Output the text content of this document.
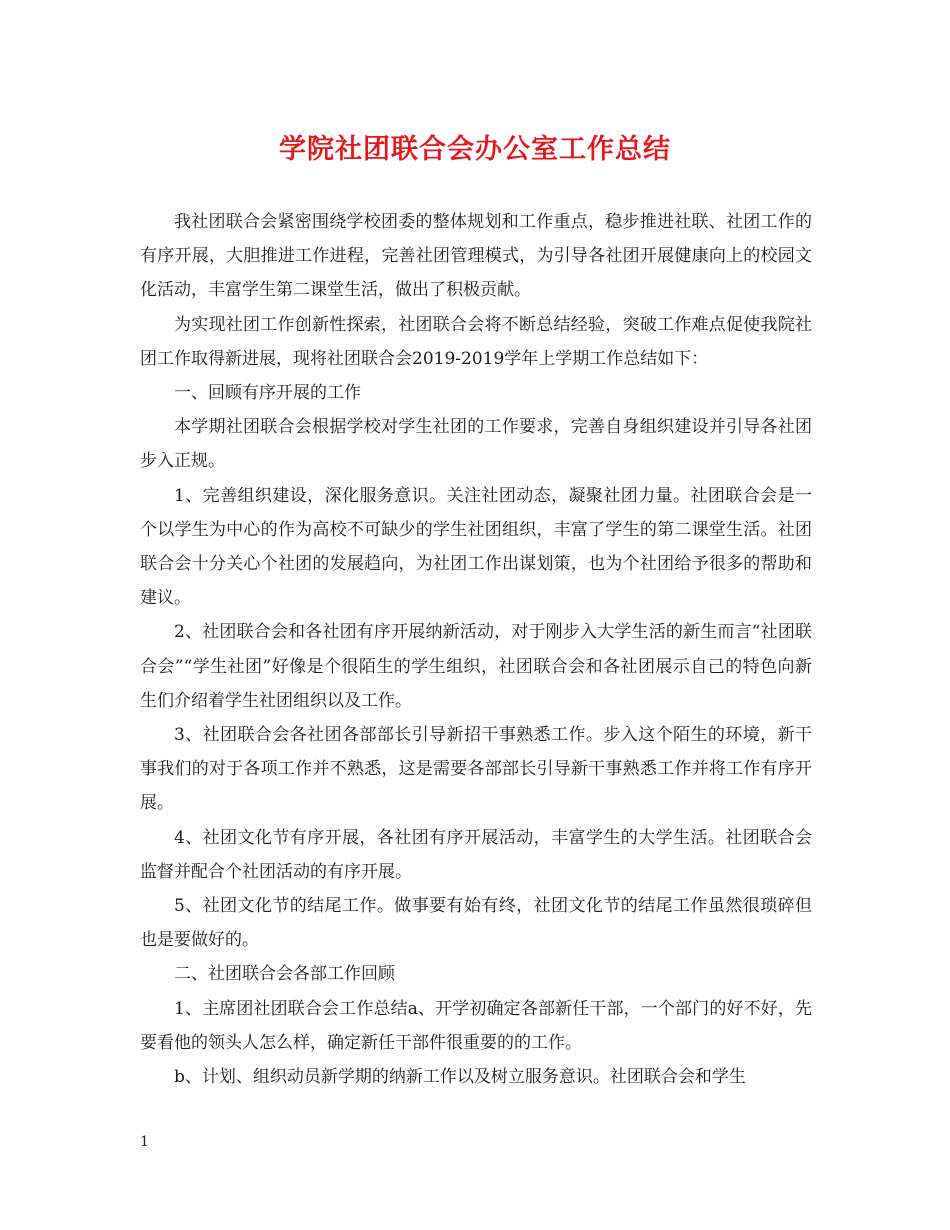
学院社团联合会办公室工作总结

我社团联合会紧密围绕学校团委的整体规划和工作重点，稳步推进社联、社团工作的有序开展，大胆推进工作进程，完善社团管理模式，为引导各社团开展健康向上的校园文化活动，丰富学生第二课堂生活，做出了积极贡献。

为实现社团工作创新性探索，社团联合会将不断总结经验，突破工作难点促使我院社团工作取得新进展，现将社团联合会2019-2019学年上学期工作总结如下：

一、回顾有序开展的工作

本学期社团联合会根据学校对学生社团的工作要求，完善自身组织建设并引导各社团步入正规。

1、完善组织建设，深化服务意识。关注社团动态，凝聚社团力量。社团联合会是一个以学生为中心的作为高校不可缺少的学生社团组织，丰富了学生的第二课堂生活。社团联合会十分关心个社团的发展趋向，为社团工作出谋划策，也为个社团给予很多的帮助和建议。

2、社团联合会和各社团有序开展纳新活动，对于刚步入大学生活的新生而言“社团联合会”“学生社团”好像是个很陌生的学生组织，社团联合会和各社团展示自己的特色向新生们介绍着学生社团组织以及工作。

3、社团联合会各社团各部部长引导新招干事熟悉工作。步入这个陌生的环境，新干事我们的对于各项工作并不熟悉，这是需要各部部长引导新干事熟悉工作并将工作有序开展。

4、社团文化节有序开展，各社团有序开展活动，丰富学生的大学生活。社团联合会监督并配合个社团活动的有序开展。

5、社团文化节的结尾工作。做事要有始有终，社团文化节的结尾工作虽然很琐碎但也是要做好的。

二、社团联合会各部工作回顾

1、主席团社团联合会工作总结a、开学初确定各部新任干部，一个部门的好不好，先要看他的领头人怎么样，确定新任干部件很重要的的工作。

b、计划、组织动员新学期的纳新工作以及树立服务意识。社团联合会和学生

1
